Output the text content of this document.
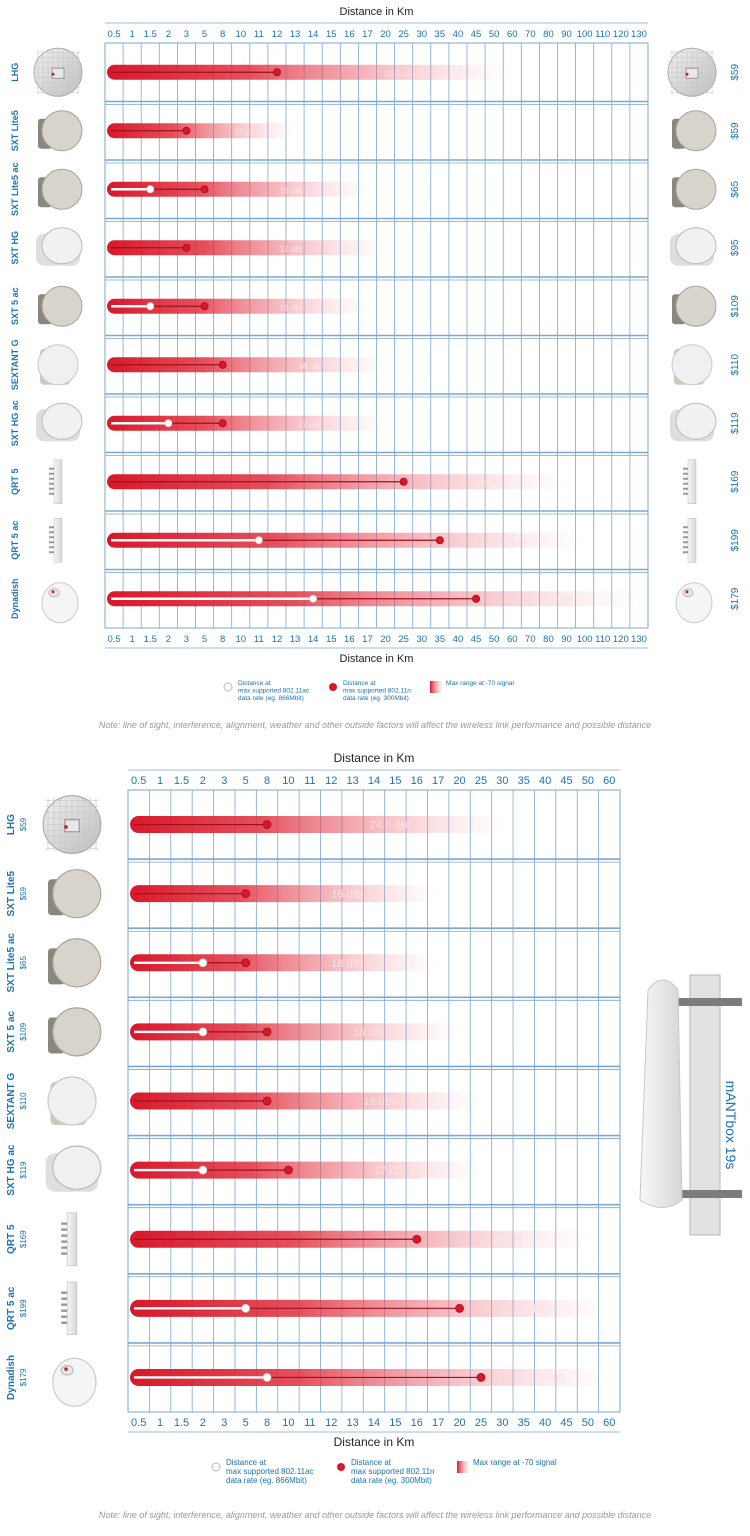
Distance in Km
Distance in Km
0.5
0.5
1
1
1.5
1.5
2
2
3
3
5
5
8
8
10
10
11
11
12
12
13
13
14
14
15
15
16
16
17
17
20
20
25
25
30
30
35
35
40
40
45
45
50
50
60
60
70
70
80
80
90
90
100
100
110
110
120
120
130
130
24.5 dBi
LHG	$59
16 dBi
SXT Lite5	$59
16 dBi
SXT Lite5 ac	$65
17 dBi
SXT HG	$95
16 dBi
SXT 5 ac	$109
18 dB
SEXTANT G	$110
17 dBi
SXT HG ac	$119
24 dBi
QRT 5	$169
24 dBi
QRT 5 ac	$199
25 dBi
Dynadish	$179
Distance at max supported 802.11ac data rate (eg. 866Mbit)
Distance at max supported 802.11n data rate (eg. 300Mbit)
Max range at -70 signal
Note: line of sight, interference, alignment, weather and other outside factors will affect the wireless link performance and possible distance
Distance in Km
Distance in Km
0.5
0.5
1
1
1.5
1.5
2
2
3
3
5
5
8
8
10
10
11
11
12
12
13
13
14
14
15
15
16
16
17
17
20
20
25
25
30
30
35
35
40
40
45
45
50
50
60
60
24.5 dBi
LHG $59
16 dBi
SXT Lite5 $59
16 dBi
SXT Lite5 ac $65
16 dBi
SXT 5 ac $109
18 dBi
SEXTANT G $110
17 dBi
SXT HG ac $119
24 dBi
QRT 5 $169
24 dBi
QRT 5 ac $199
25 dBi
Dynadish $179
Distance at max supported 802.11ac data rate (eg. 866Mbit)
Distance at max supported 802.11n data rate (eg. 300Mbit)
Max range at -70 signal
Note: line of sight, interference, alignment, weather and other outside factors will affect the wireless link performance and possible distance
mANTbox 19s
